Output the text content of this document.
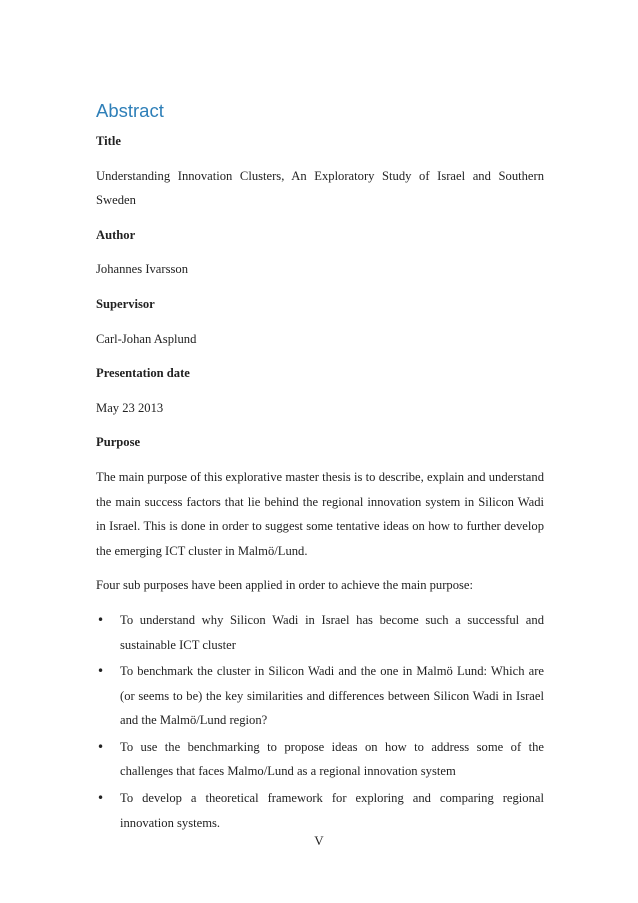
Abstract

Title

Understanding Innovation Clusters, An Exploratory Study of Israel and Southern Sweden

Author

Johannes Ivarsson

Supervisor

Carl-Johan Asplund

Presentation date

May 23 2013

Purpose

The main purpose of this explorative master thesis is to describe, explain and understand the main success factors that lie behind the regional innovation system in Silicon Wadi in Israel. This is done in order to suggest some tentative ideas on how to further develop the emerging ICT cluster in Malmö/Lund.

Four sub purposes have been applied in order to achieve the main purpose:

• To understand why Silicon Wadi in Israel has become such a successful and sustainable ICT cluster
• To benchmark the cluster in Silicon Wadi and the one in Malmö Lund: Which are (or seems to be) the key similarities and differences between Silicon Wadi in Israel and the Malmö/Lund region?
• To use the benchmarking to propose ideas on how to address some of the challenges that faces Malmo/Lund as a regional innovation system
• To develop a theoretical framework for exploring and comparing regional innovation systems.
V
